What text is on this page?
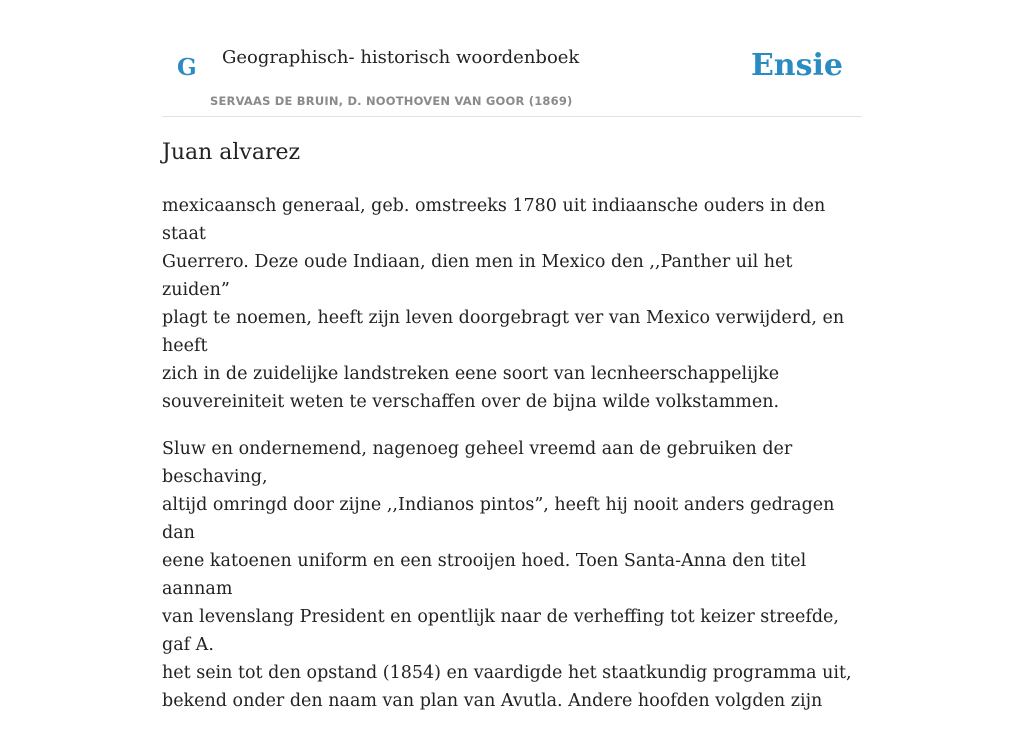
G Geographisch- historisch woordenboek
SERVAAS DE BRUIN, D. NOOTHOVEN VAN GOOR (1869)
Ensie
Juan alvarez

mexicaansch generaal, geb. omstreeks 1780 uit indiaansche ouders in den staat
Guerrero. Deze oude Indiaan, dien men in Mexico den ,,Panther uil het zuiden”
plagt te noemen, heeft zijn leven doorgebragt ver van Mexico verwijderd, en heeft
zich in de zuidelijke landstreken eene soort van lecnheerschappelijke
souvereiniteit weten te verschaffen over de bijna wilde volkstammen.

Sluw en ondernemend, nagenoeg geheel vreemd aan de gebruiken der beschaving,
altijd omringd door zijne ,,Indianos pintos”, heeft hij nooit anders gedragen dan
eene katoenen uniform en een strooijen hoed. Toen Santa-Anna den titel aannam
van levenslang President en opentlijk naar de verheffing tot keizer streefde, gaf A.
het sein tot den opstand (1854) en vaardigde het staatkundig programma uit,
bekend onder den naam van plan van Avutla. Andere hoofden volgden zijn
